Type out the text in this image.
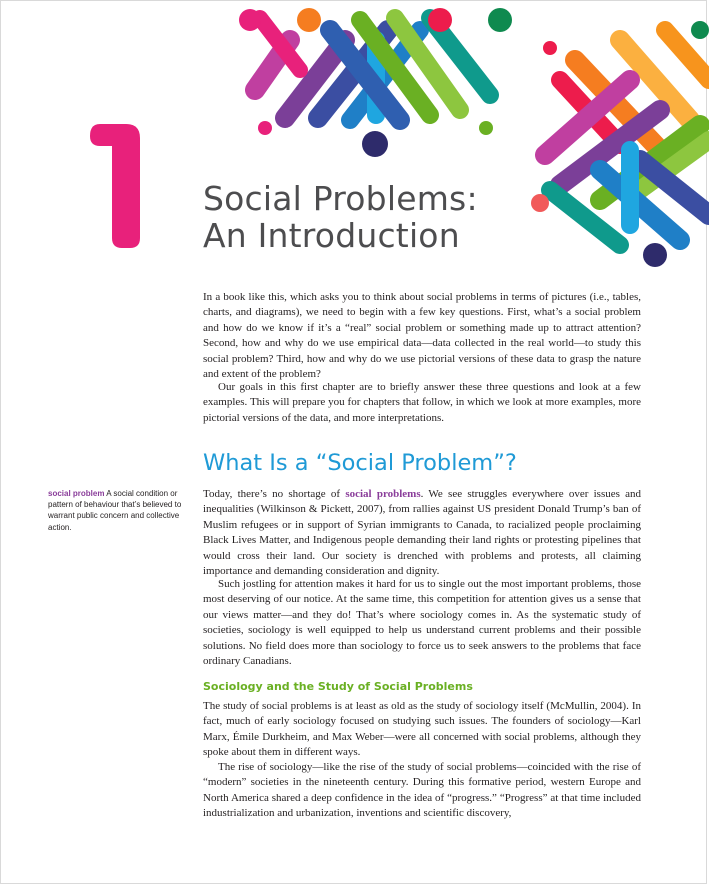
Social Problems:
An Introduction

In a book like this, which asks you to think about social problems in terms of pictures (i.e., tables, charts, and diagrams), we need to begin with a few key questions. First, what’s a social problem and how do we know if it’s a “real” social problem or something made up to attract attention? Second, how and why do we use empirical data—data collected in the real world—to study this social problem? Third, how and why do we use pictorial versions of these data to grasp the nature and extent of the problem?

Our goals in this first chapter are to briefly answer these three questions and look at a few examples. This will prepare you for chapters that follow, in which we look at more examples, more pictorial versions of the data, and more interpretations.

What Is a “Social Problem”?

social problem A social condition or pattern of behaviour that’s believed to warrant public concern and collective action.

Today, there’s no shortage of social problems. We see struggles everywhere over issues and inequalities (Wilkinson & Pickett, 2007), from rallies against US president Donald Trump’s ban of Muslim refugees or in support of Syrian immigrants to Canada, to racialized people proclaiming Black Lives Matter, and Indigenous people demanding their land rights or protesting pipelines that would cross their land. Our society is drenched with problems and protests, all claiming importance and demanding consideration and dignity.

Such jostling for attention makes it hard for us to single out the most important problems, those most deserving of our notice. At the same time, this competition for attention gives us a sense that our views matter—and they do! That’s where sociology comes in. As the systematic study of societies, sociology is well equipped to help us understand current problems and their possible solutions. No field does more than sociology to force us to seek answers to the problems that face ordinary Canadians.

Sociology and the Study of Social Problems

The study of social problems is at least as old as the study of sociology itself (McMullin, 2004). In fact, much of early sociology focused on studying such issues. The founders of sociology—Karl Marx, Émile Durkheim, and Max Weber—were all concerned with social problems, although they spoke about them in different ways.

The rise of sociology—like the rise of the study of social problems—coincided with the rise of “modern” societies in the nineteenth century. During this formative period, western Europe and North America shared a deep confidence in the idea of “progress.” “Progress” at that time included industrialization and urbanization, inventions and scientific discovery,
